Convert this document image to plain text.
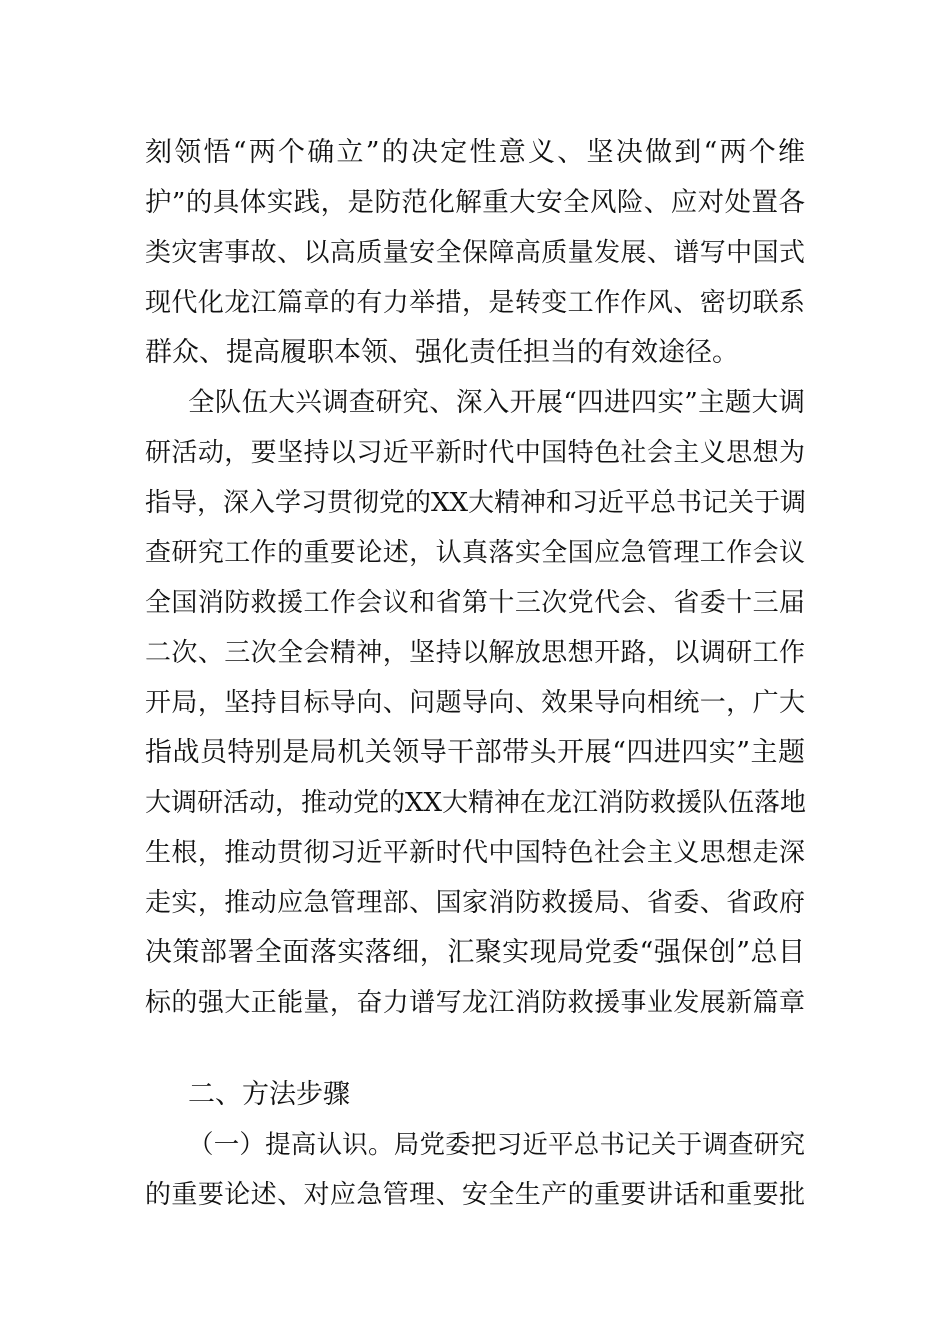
刻领悟“两个确立”的决定性意义、坚决做到“两个维
护”的具体实践，是防范化解重大安全风险、应对处置各
类灾害事故、以高质量安全保障高质量发展、谱写中国式
现代化龙江篇章的有力举措，是转变工作作风、密切联系
群众、提高履职本领、强化责任担当的有效途径。
全队伍大兴调查研究、深入开展“四进四实”主题大调
研活动，要坚持以习近平新时代中国特色社会主义思想为
指导，深入学习贯彻党的XX大精神和习近平总书记关于调
查研究工作的重要论述，认真落实全国应急管理工作会议
全国消防救援工作会议和省第十三次党代会、省委十三届
二次、三次全会精神，坚持以解放思想开路，以调研工作
开局，坚持目标导向、问题导向、效果导向相统一，广大
指战员特别是局机关领导干部带头开展“四进四实”主题
大调研活动，推动党的XX大精神在龙江消防救援队伍落地
生根，推动贯彻习近平新时代中国特色社会主义思想走深
走实，推动应急管理部、国家消防救援局、省委、省政府
决策部署全面落实落细，汇聚实现局党委“强保创”总目
标的强大正能量，奋力谱写龙江消防救援事业发展新篇章
二、方法步骤
（一）提高认识。局党委把习近平总书记关于调查研究
的重要论述、对应急管理、安全生产的重要讲话和重要批
